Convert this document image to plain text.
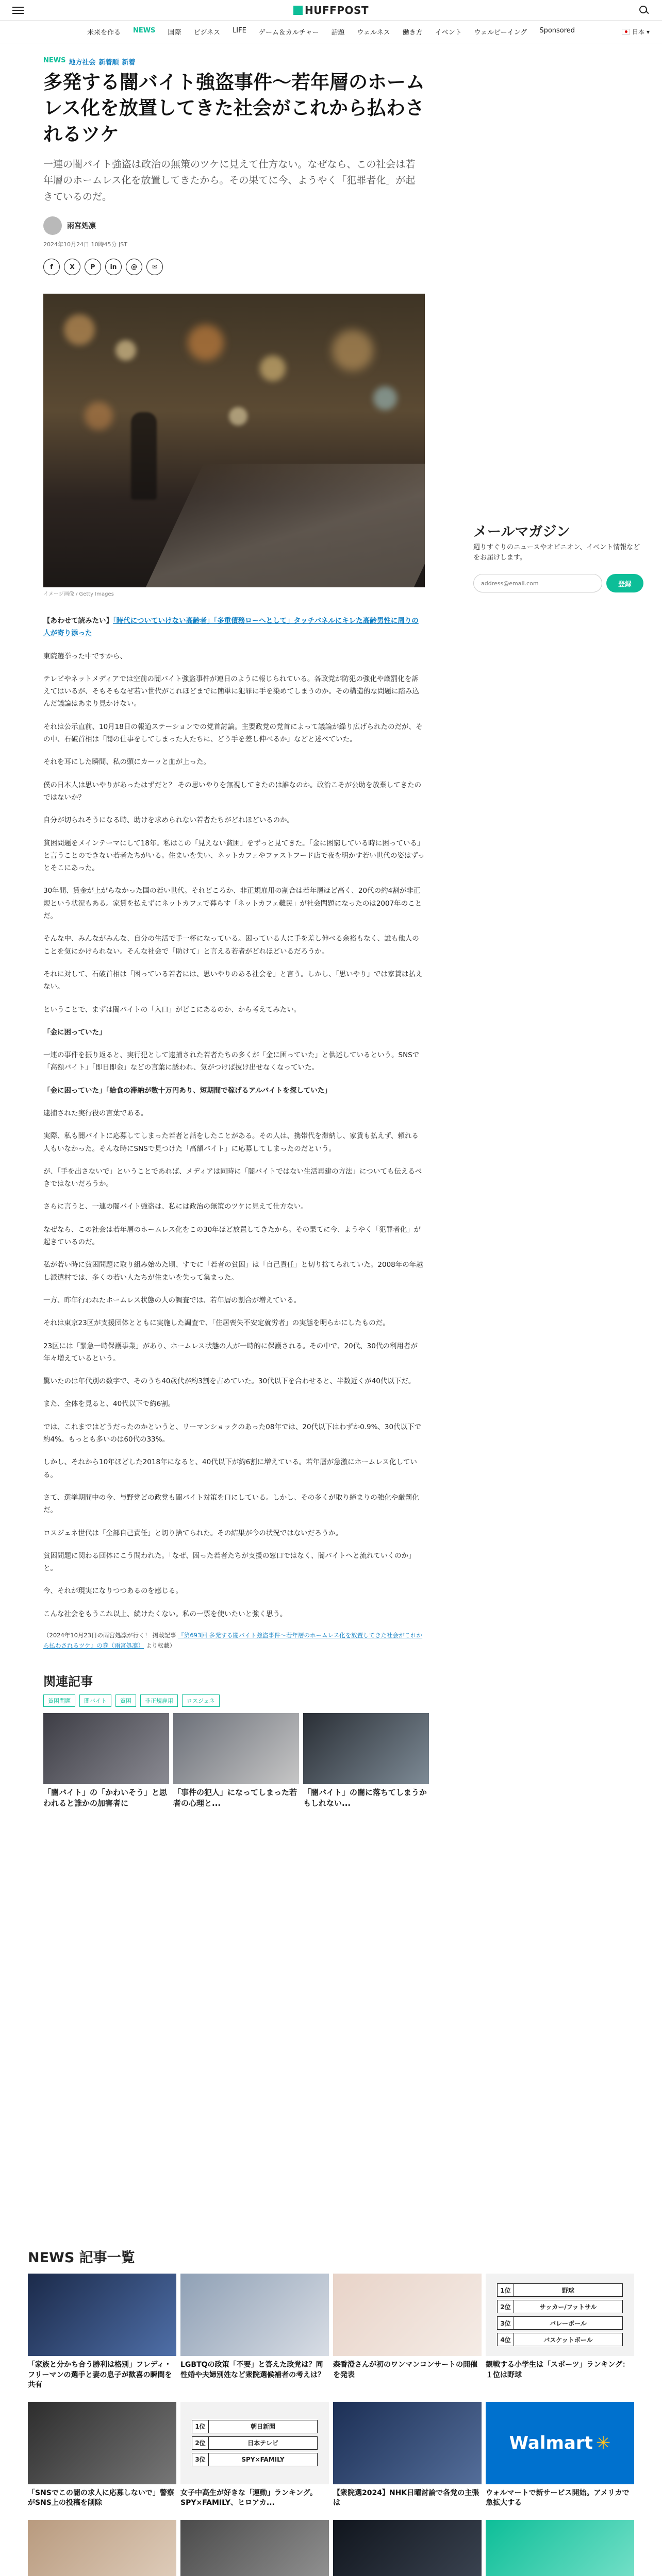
HUFFPOST
未来を作る NEWS 国際 ビジネス LIFE ゲーム＆カルチャー 話題 ウェルネス 働き方 イベント ウェルビーイング Sponsored	日本 ▾
NEWS 地方社会 新着順 新着
多発する闇バイト強盗事件〜若年層のホームレス化を放置してきた社会がこれから払わされるツケ

一連の闇バイト強盗は政治の無策のツケに見えて仕方ない。なぜなら、この社会は若年層のホームレス化を放置してきたから。その果てに今、ようやく「犯罪者化」が起きているのだ。

雨宮処凛
2024年10月24日 10時45分 JST
f	X	P	in	@	✉
イメージ画像 / Getty Images

【あわせて読みたい】「時代についていけない高齢者」「多重債務ローへとして」タッチパネルにキレた高齢男性に周りの人が寄り添った

東院選挙った中ですから、

テレビやネットメディアでは空前の闇バイト強盗事件が連日のように報じられている。各政党が防犯の強化や厳罰化を訴えてはいるが、そもそもなぜ若い世代がこれほどまでに簡単に犯罪に手を染めてしまうのか。その構造的な問題に踏み込んだ議論はあまり見かけない。

それは公示直前、10月18日の報道ステーションでの党首討論。主要政党の党首によって議論が繰り広げられたのだが、その中、石破首相は「闇の仕事をしてしまった人たちに、どう手を差し伸べるか」などと述べていた。

それを耳にした瞬間、私の頭にカーッと血が上った。

僕の日本人は思いやりがあったはずだと？ その思いやりを無視してきたのは誰なのか。政治こそが公助を放棄してきたのではないか？

自分が切られそうになる時、助けを求められない若者たちがどれほどいるのか。

貧困問題をメインテーマにして18年。私はこの「見えない貧困」をずっと見てきた。「金に困窮している時に困っている」と言うことのできない若者たちがいる。住まいを失い、ネットカフェやファストフード店で夜を明かす若い世代の姿はずっとそこにあった。

30年間、賃金が上がらなかった国の若い世代。それどころか、非正規雇用の割合は若年層ほど高く、20代の約4割が非正規という状況もある。家賃を払えずにネットカフェで暮らす「ネットカフェ難民」が社会問題になったのは2007年のことだ。

そんな中、みんながみんな、自分の生活で手一杯になっている。困っている人に手を差し伸べる余裕もなく、誰も他人のことを気にかけられない。そんな社会で「助けて」と言える若者がどれほどいるだろうか。

それに対して、石破首相は「困っている若者には、思いやりのある社会を」と言う。しかし、「思いやり」では家賃は払えない。

ということで、まずは闇バイトの「入口」がどこにあるのか、から考えてみたい。

「金に困っていた」

一連の事件を振り返ると、実行犯として逮捕された若者たちの多くが「金に困っていた」と供述しているという。SNSで「高額バイト」「即日即金」などの言葉に誘われ、気がつけば抜け出せなくなっていた。

「金に困っていた」「給食の滞納が数十万円あり、短期間で稼げるアルバイトを探していた」

逮捕された実行役の言葉である。

実際、私も闇バイトに応募してしまった若者と話をしたことがある。その人は、携帯代を滞納し、家賃も払えず、頼れる人もいなかった。そんな時にSNSで見つけた「高額バイト」に応募してしまったのだという。

が、「手を出さないで」ということであれば、メディアは同時に「闇バイトではない生活再建の方法」についても伝えるべきではないだろうか。

さらに言うと、一連の闇バイト強盗は、私には政治の無策のツケに見えて仕方ない。

なぜなら、この社会は若年層のホームレス化をこの30年ほど放置してきたから。その果てに今、ようやく「犯罪者化」が起きているのだ。

私が若い時に貧困問題に取り組み始めた頃、すでに「若者の貧困」は「自己責任」と切り捨てられていた。2008年の年越し派遣村では、多くの若い人たちが住まいを失って集まった。

一方、昨年行われたホームレス状態の人の調査では、若年層の割合が増えている。

それは東京23区が支援団体とともに実施した調査で、「住居喪失不安定就労者」の実態を明らかにしたものだ。

23区には「緊急一時保護事業」があり、ホームレス状態の人が一時的に保護される。その中で、20代、30代の利用者が年々増えているという。

驚いたのは年代別の数字で、そのうち40歳代が約3割を占めていた。30代以下を合わせると、半数近くが40代以下だ。

また、全体を見ると、40代以下で約6割。

では、これまではどうだったのかというと、リーマンショックのあった08年では、20代以下はわずか0.9%、30代以下で約4%。もっとも多いのは60代の33%。

しかし、それから10年ほどした2018年になると、40代以下が約6割に増えている。若年層が急激にホームレス化している。

さて、選挙期間中の今、与野党どの政党も闇バイト対策を口にしている。しかし、その多くが取り締まりの強化や厳罰化だ。

ロスジェネ世代は「全部自己責任」と切り捨てられた。その結果が今の状況ではないだろうか。

貧困問題に関わる団体にこう問われた。「なぜ、困った若者たちが支援の窓口ではなく、闇バイトへと流れていくのか」と。

今、それが現実になりつつあるのを感じる。

こんな社会をもうこれ以上、続けたくない。私の一票を使いたいと強く思う。

（2024年10月23日の雨宮処凛が行く！ 掲載記事 『第693回 多発する闇バイト強盗事件〜若年層のホームレス化を放置してきた社会がこれから払わされるツケ』の巻（雨宮処凛） より転載）

関連記事
貧困問題	闇バイト	貧困	非正規雇用	ロスジェネ
「闇バイト」の「かわいそう」と思われると誰かの加害者に
「事件の犯人」になってしまった若者の心理と...
「闇バイト」の闇に落ちてしまうかもしれない...
メールマガジン
週りすぐりのニュースやオピニオン、イベント情報などをお届けします。
address@email.com
登録
NEWS 記事一覧
「家族と分かち合う勝利は格別」フレディ・フリーマンの選手と妻の息子が歓喜の瞬間を共有
LGBTQの政策「不要」と答えた政党は？同性婚や夫婦別姓など衆院選候補者の考えは？
森香澄さんが初のワンマンコンサートの開催を発表
1位	野球
2位	サッカー/フットサル
3位	バレーボール
4位	バスケットボール
観戦する小学生は「スポーツ」ランキング：１位は野球
「SNSでこの闇の求人に応募しないで」警察がSNS上の投稿を削除
1位	朝日新聞
2位	日本テレビ
3位	SPY×FAMILY
女子中高生が好きな「運動」ランキング。SPY×FAMILY、ヒロアカ...
【衆院選2024】NHK日曜討論で各党の主張は
Walmart ✳
ウォルマートで新サービス開始。アメリカで急拡大する
